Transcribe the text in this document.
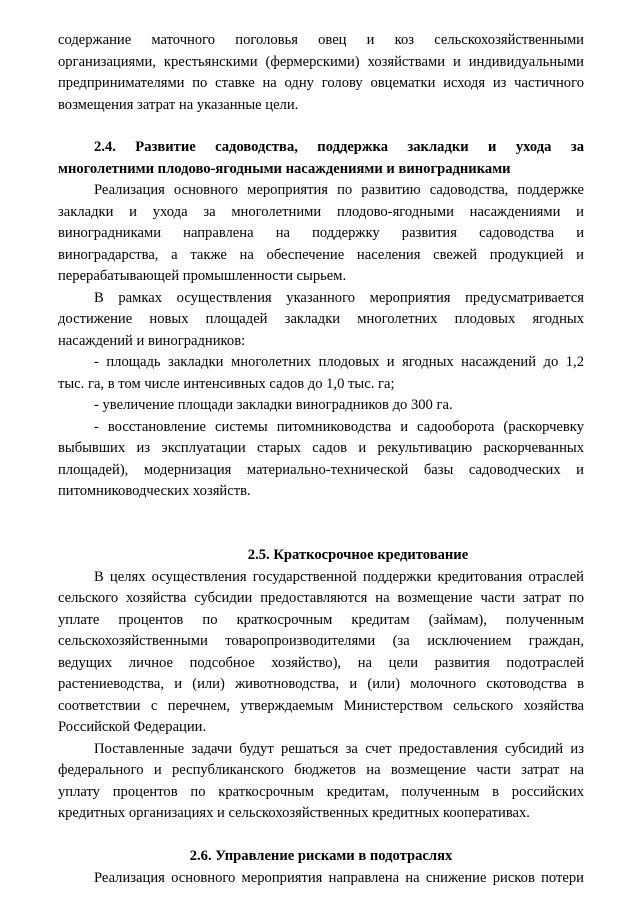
содержание маточного поголовья овец и коз сельскохозяйственными
организациями, крестьянскими (фермерскими) хозяйствами и индивидуальными
предпринимателями по ставке на одну голову овцематки исходя из частичного
возмещения затрат на указанные цели.
2.4. Развитие садоводства, поддержка закладки и ухода за
многолетними плодово-ягодными насаждениями и виноградниками
Реализация основного мероприятия по развитию садоводства, поддержке
закладки и ухода за многолетними плодово-ягодными насаждениями и
виноградниками направлена на поддержку развития садоводства и
виноградарства, а также на обеспечение населения свежей продукцией и
перерабатывающей промышленности сырьем.
В рамках осуществления указанного мероприятия предусматривается
достижение новых площадей закладки многолетних плодовых ягодных
насаждений и виноградников:
- площадь закладки многолетних плодовых и ягодных насаждений до 1,2
тыс. га, в том числе интенсивных садов до 1,0 тыс. га;
- увеличение площади закладки виноградников до 300 га.
- восстановление системы питомниководства и садооборота (раскорчевку
выбывших из эксплуатации старых садов и рекультивацию раскорчеванных
площадей), модернизация материально-технической базы садоводческих и
питомниководческих хозяйств.
2.5. Краткосрочное кредитование
В целях осуществления государственной поддержки кредитования отраслей
сельского хозяйства субсидии предоставляются на возмещение части затрат по
уплате процентов по краткосрочным кредитам (займам), полученным
сельскохозяйственными товаропроизводителями (за исключением граждан,
ведущих личное подсобное хозяйство), на цели развития подотраслей
растениеводства, и (или) животноводства, и (или) молочного скотоводства в
соответствии с перечнем, утверждаемым Министерством сельского хозяйства
Российской Федерации.
Поставленные задачи будут решаться за счет предоставления субсидий из
федерального и республиканского бюджетов на возмещение части затрат на
уплату процентов по краткосрочным кредитам, полученным в российских
кредитных организациях и сельскохозяйственных кредитных кооперативах.
2.6. Управление рисками в подотраслях
Реализация основного мероприятия направлена на снижение рисков потери
